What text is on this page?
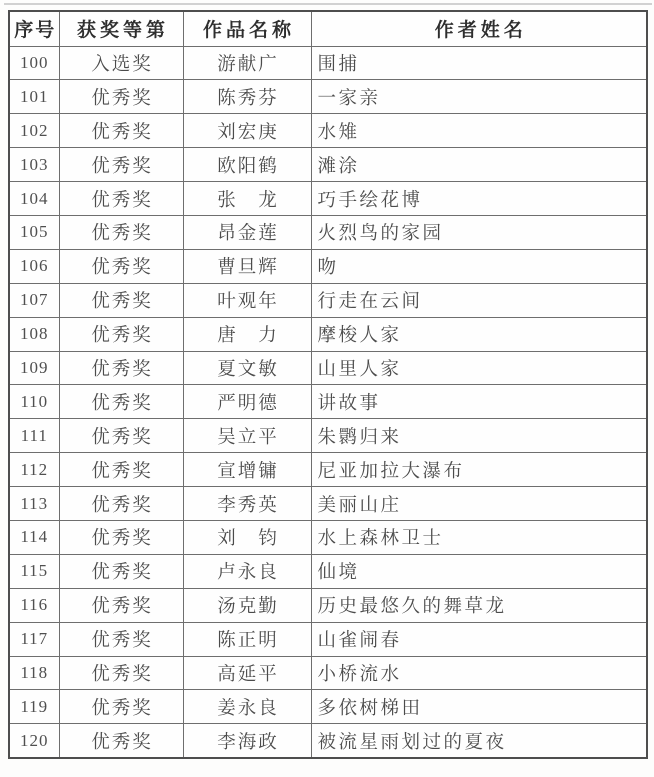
序号	获奖等第	作品名称	作者姓名
100	入选奖	游献广	围捕
101	优秀奖	陈秀芬	一家亲
102	优秀奖	刘宏庚	水雉
103	优秀奖	欧阳鹤	滩涂
104	优秀奖	张　龙	巧手绘花博
105	优秀奖	昂金莲	火烈鸟的家园
106	优秀奖	曹旦辉	吻
107	优秀奖	叶观年	行走在云间
108	优秀奖	唐　力	摩梭人家
109	优秀奖	夏文敏	山里人家
110	优秀奖	严明德	讲故事
111	优秀奖	吴立平	朱鹮归来
112	优秀奖	宣增镛	尼亚加拉大瀑布
113	优秀奖	李秀英	美丽山庄
114	优秀奖	刘　钧	水上森林卫士
115	优秀奖	卢永良	仙境
116	优秀奖	汤克勤	历史最悠久的舞草龙
117	优秀奖	陈正明	山雀闹春
118	优秀奖	高延平	小桥流水
119	优秀奖	姜永良	多依树梯田
120	优秀奖	李海政	被流星雨划过的夏夜
